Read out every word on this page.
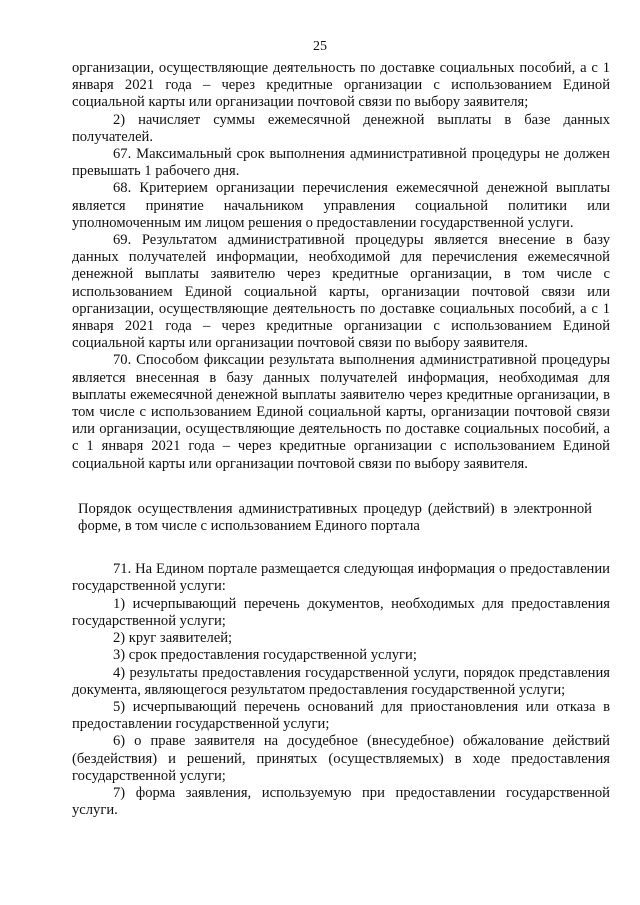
25

организации, осуществляющие деятельность по доставке социальных пособий, а с 1 января 2021 года – через кредитные организации с использованием Единой социальной карты или организации почтовой связи по выбору заявителя;

2) начисляет суммы ежемесячной денежной выплаты в базе данных получателей.

67. Максимальный срок выполнения административной процедуры не должен превышать 1 рабочего дня.

68. Критерием организации перечисления ежемесячной денежной выплаты является принятие начальником управления социальной политики или уполномоченным им лицом решения о предоставлении государственной услуги.

69. Результатом административной процедуры является внесение в базу данных получателей информации, необходимой для перечисления ежемесячной денежной выплаты заявителю через кредитные организации, в том числе с использованием Единой социальной карты, организации почтовой связи или организации, осуществляющие деятельность по доставке социальных пособий, а с 1 января 2021 года – через кредитные организации с использованием Единой социальной карты или организации почтовой связи по выбору заявителя.

70. Способом фиксации результата выполнения административной процедуры является внесенная в базу данных получателей информация, необходимая для выплаты ежемесячной денежной выплаты заявителю через кредитные организации, в том числе с использованием Единой социальной карты, организации почтовой связи или организации, осуществляющие деятельность по доставке социальных пособий, а с 1 января 2021 года – через кредитные организации с использованием Единой социальной карты или организации почтовой связи по выбору заявителя.

Порядок осуществления административных процедур (действий) в электронной форме, в том числе с использованием Единого портала

71. На Едином портале размещается следующая информация о предоставлении государственной услуги:

1) исчерпывающий перечень документов, необходимых для предоставления государственной услуги;

2) круг заявителей;

3) срок предоставления государственной услуги;

4) результаты предоставления государственной услуги, порядок представления документа, являющегося результатом предоставления государственной услуги;

5) исчерпывающий перечень оснований для приостановления или отказа в предоставлении государственной услуги;

6) о праве заявителя на досудебное (внесудебное) обжалование действий (бездействия) и решений, принятых (осуществляемых) в ходе предоставления государственной услуги;

7) форма заявления, используемую при предоставлении государственной услуги.
